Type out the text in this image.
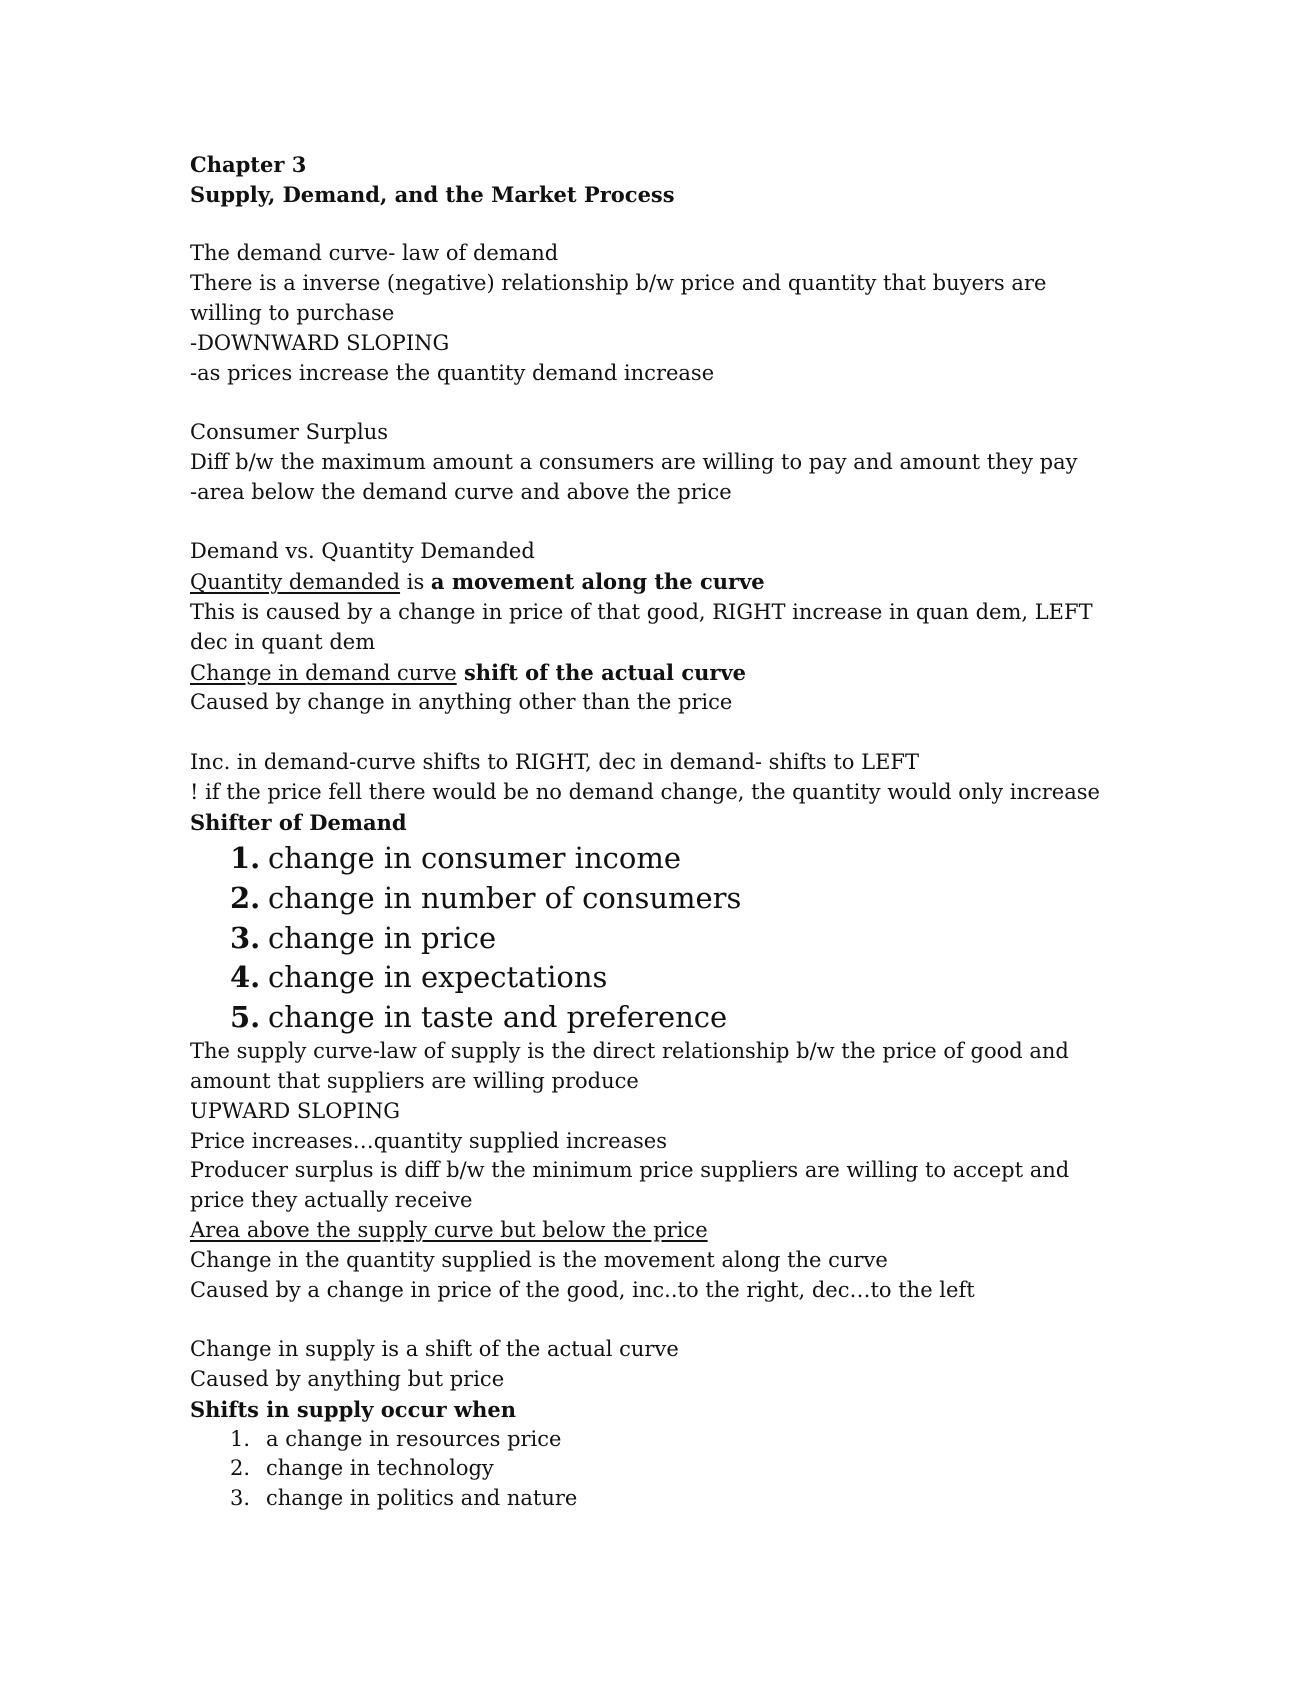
Chapter 3
Supply, Demand, and the Market Process
The demand curve- law of demand
There is a inverse (negative) relationship b/w price and quantity that buyers are
willing to purchase
-DOWNWARD SLOPING
-as prices increase the quantity demand increase
Consumer Surplus
Diff b/w the maximum amount a consumers are willing to pay and amount they pay
-area below the demand curve and above the price
Demand vs. Quantity Demanded
Quantity demanded is a movement along the curve
This is caused by a change in price of that good, RIGHT increase in quan dem, LEFT
dec in quant dem
Change in demand curve shift of the actual curve
Caused by change in anything other than the price
Inc. in demand-curve shifts to RIGHT, dec in demand- shifts to LEFT
! if the price fell there would be no demand change, the quantity would only increase
Shifter of Demand
1. change in consumer income
2. change in number of consumers
3. change in price
4. change in expectations
5. change in taste and preference
The supply curve-law of supply is the direct relationship b/w the price of good and
amount that suppliers are willing produce
UPWARD SLOPING
Price increases…quantity supplied increases
Producer surplus is diff b/w the minimum price suppliers are willing to accept and
price they actually receive
Area above the supply curve but below the price
Change in the quantity supplied is the movement along the curve
Caused by a change in price of the good, inc..to the right, dec…to the left
Change in supply is a shift of the actual curve
Caused by anything but price
Shifts in supply occur when
1. a change in resources price
2. change in technology
3. change in politics and nature
